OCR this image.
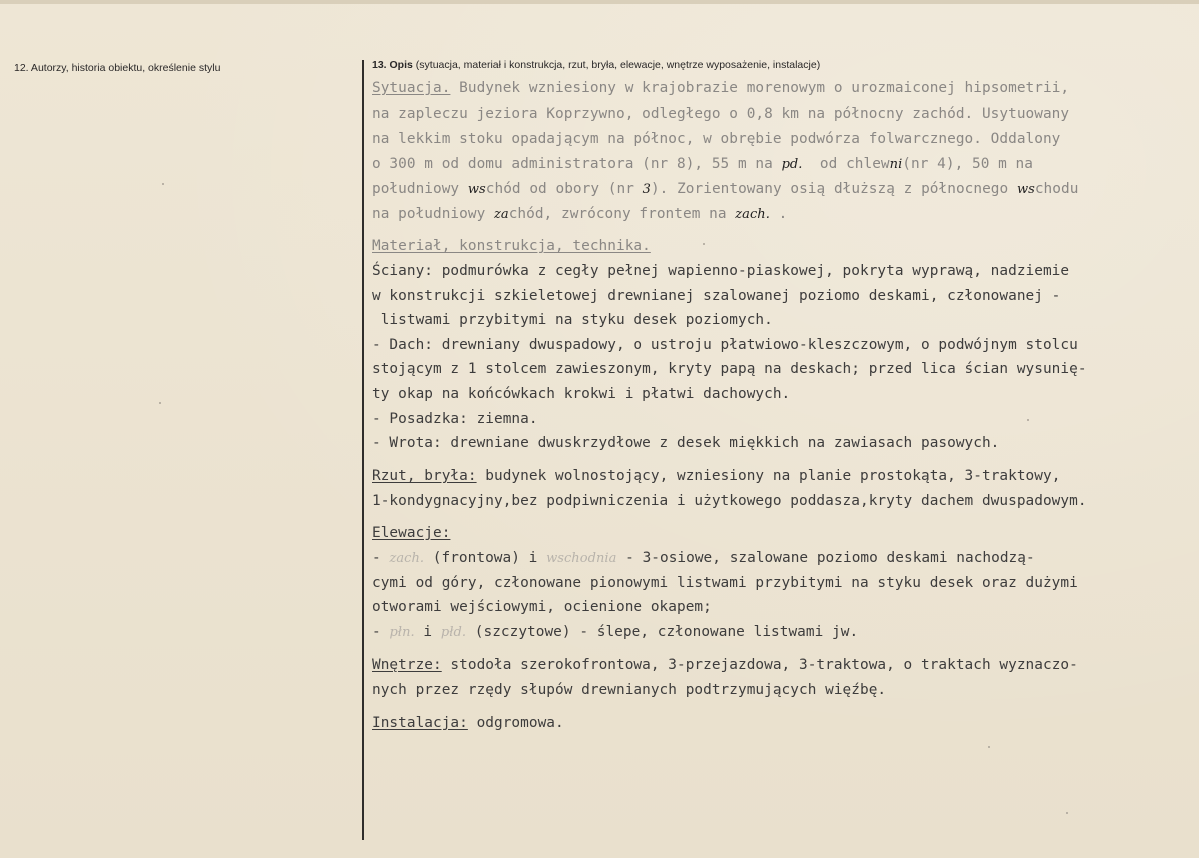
12. Autorzy, historia obiektu, określenie stylu	13. Opis (sytuacja, materiał i konstrukcja, rzut, bryła, elewacje, wnętrze wyposażenie, instalacje)
Sytuacja. Budynek wzniesiony w krajobrazie morenowym o urozmaiconej hipsometrii,
na zapleczu jeziora Koprzywno, odległego o 0,8 km na północny zachód. Usytuowany
na lekkim stoku opadającym na północ, w obrębie podwórza folwarcznego. Oddalony
o 300 m od domu administratora (nr 8), 55 m na pd.  od chlewni(nr 4), 50 m na
południowy wschód od obory (nr 3). Zorientowany osią dłuższą z północnego wschodu
na południowy zachód, zwrócony frontem na zach. .
Materiał, konstrukcja, technika.
Ściany: podmurówka z cegły pełnej wapienno-piaskowej, pokryta wyprawą, nadziemie
w konstrukcji szkieletowej drewnianej szalowanej poziomo deskami, członowanej -
listwami przybitymi na styku desek poziomych.
- Dach: drewniany dwuspadowy, o ustroju płatwiowo-kleszczowym, o podwójnym stolcu
stojącym z 1 stolcem zawieszonym, kryty papą na deskach; przed lica ścian wysunię-
ty okap na końcówkach krokwi i płatwi dachowych.
- Posadzka: ziemna.
- Wrota: drewniane dwuskrzydłowe z desek miękkich na zawiasach pasowych.
Rzut, bryła: budynek wolnostojący, wzniesiony na planie prostokąta, 3-traktowy,
1-kondygnacyjny,bez podpiwniczenia i użytkowego poddasza,kryty dachem dwuspadowym.
Elewacje:
- zach. (frontowa) i wschodnia - 3-osiowe, szalowane poziomo deskami nachodzą-
cymi od góry, członowane pionowymi listwami przybitymi na styku desek oraz dużymi
otworami wejściowymi, ocienione okapem;
- płn. i płd. (szczytowe) - ślepe, członowane listwami jw.
Wnętrze: stodoła szerokofrontowa, 3-przejazdowa, 3-traktowa, o traktach wyznaczo-
nych przez rzędy słupów drewnianych podtrzymujących więźbę.
Instalacja: odgromowa.
